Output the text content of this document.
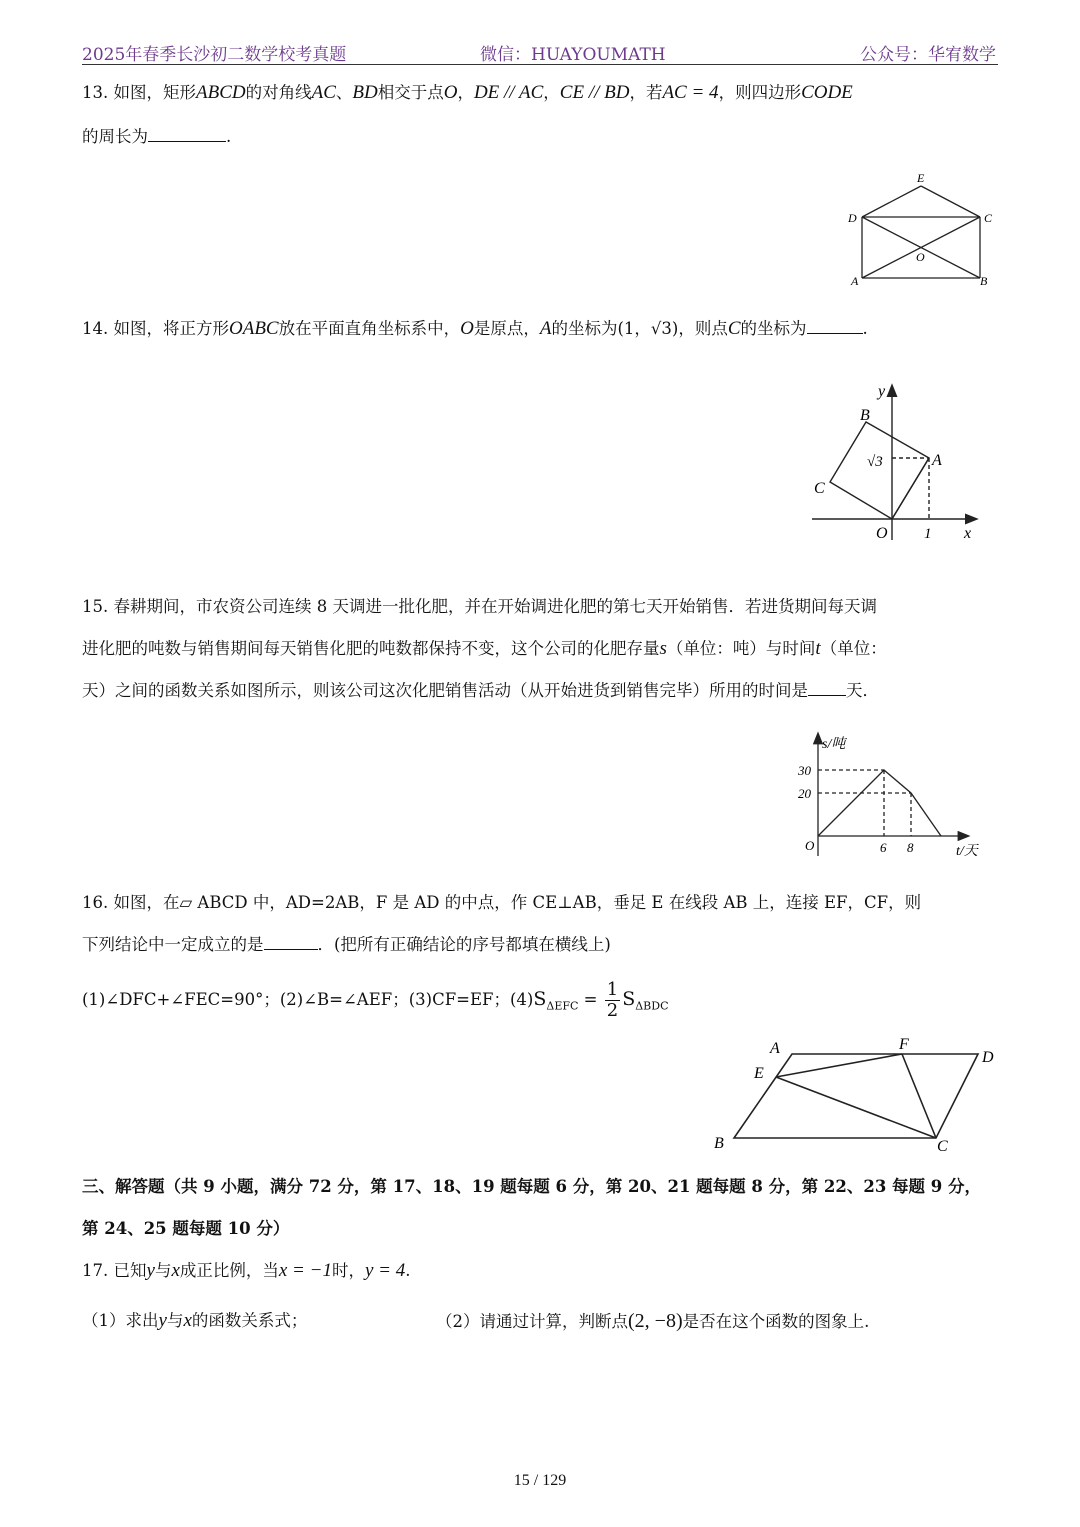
2025年春季长沙初二数学校考真题	微信：HUAYOUMATH	公众号：华宥数学
13. 如图，矩形ABCD的对角线AC、BD相交于点O，DE // AC，CE // BD，若AC = 4，则四边形CODE
的周长为	.
E
D	C
O
A	B
14. 如图，将正方形OABC放在平面直角坐标系中，O是原点，A的坐标为(1，√3)，则点C的坐标为	.
y
x
B
A
C
O 1
√3
15. 春耕期间，市农资公司连续 8 天调进一批化肥，并在开始调进化肥的第七天开始销售．若进货期间每天调
进化肥的吨数与销售期间每天销售化肥的吨数都保持不变，这个公司的化肥存量s（单位：吨）与时间t（单位：
天）之间的函数关系如图所示，则该公司这次化肥销售活动（从开始进货到销售完毕）所用的时间是 天．
s/吨
t/天
30
20
6 8
O
16. 如图，在▱ ABCD 中，AD=2AB，F 是 AD 的中点，作 CE⊥AB，垂足 E 在线段 AB 上，连接 EF，CF，则
下列结论中一定成立的是	．(把所有正确结论的序号都填在横线上)
(1)∠DFC+∠FEC=90°；(2)∠B=∠AEF；(3)CF=EF；$(4)S_{\Delta EFC} = \frac{1}{2} S_{\Delta BDC}$
A	F
D
E
B	C
三、解答题（共 9 小题，满分 72 分，第 17、18、19 题每题 6 分，第 20、21 题每题 8 分，第 22、23 每题 9 分，
第 24、25 题每题 10 分）
17. 已知y与x成正比例，当x = −1时，y = 4.
（1）求出y与x的函数关系式；	（2）请通过计算，判断点(2, −8)是否在这个函数的图象上.
15 / 129
